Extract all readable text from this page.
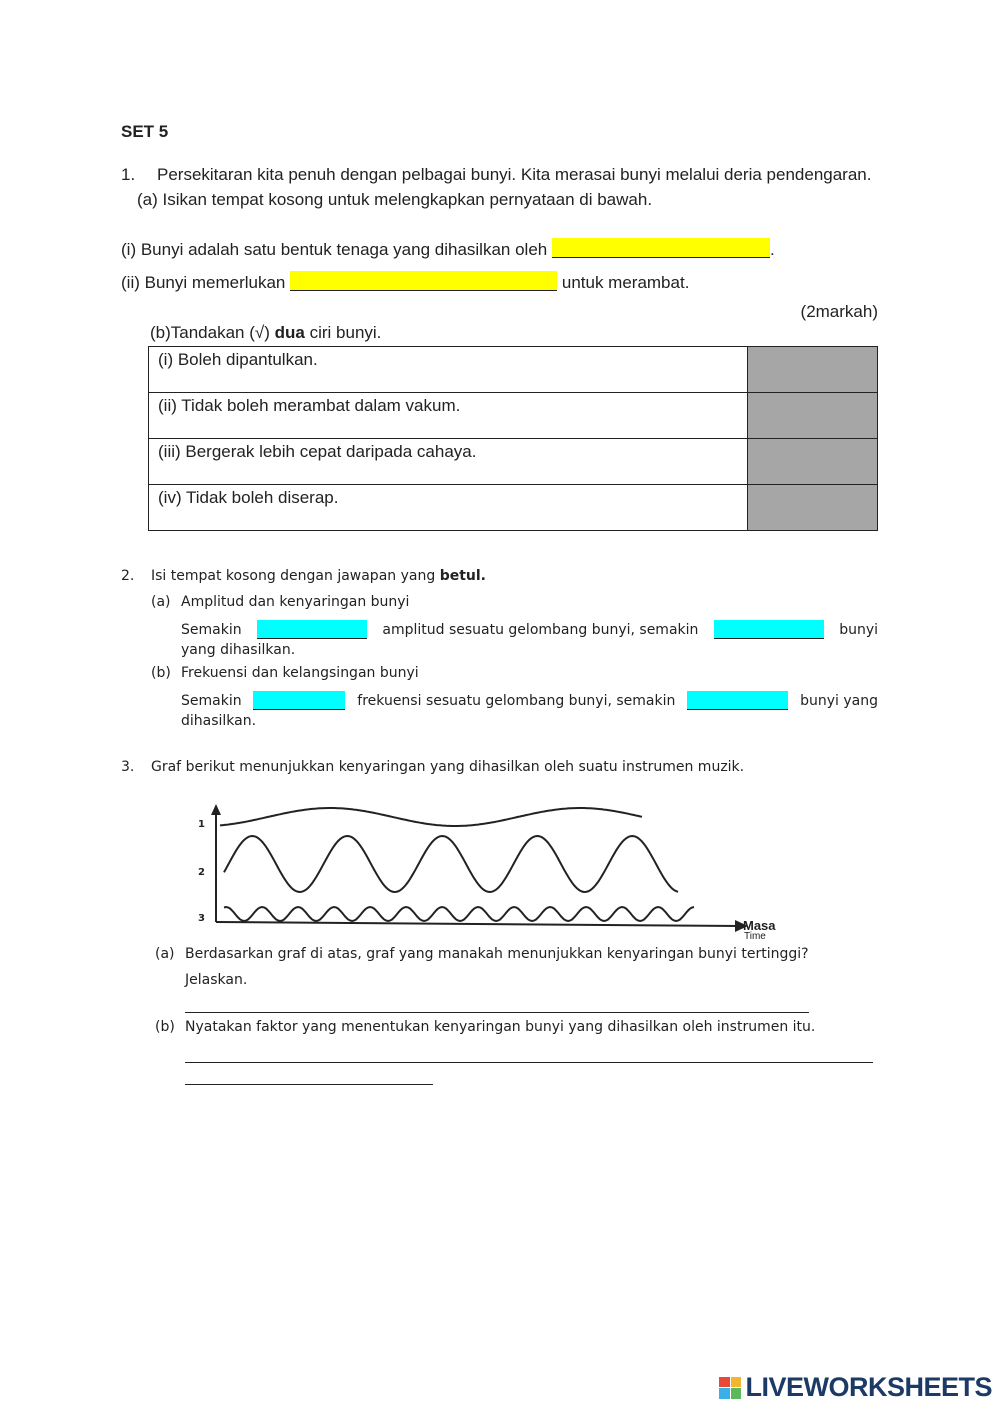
SET 5
1. Persekitaran kita penuh dengan pelbagai bunyi. Kita merasai bunyi melalui deria pendengaran.
(a) Isikan tempat kosong untuk melengkapkan pernyataan di bawah.
(i) Bunyi adalah satu bentuk tenaga yang dihasilkan oleh	.
(ii) Bunyi memerlukan	untuk merambat.
(2markah)
(b)Tandakan (√) dua ciri bunyi.
(i) Boleh dipantulkan.	
(ii) Tidak boleh merambat dalam vakum.	
(iii) Bergerak lebih cepat daripada cahaya.	
(iv) Tidak boleh diserap.	
2. Isi tempat kosong dengan jawapan yang betul.
(a) Amplitud dan kenyaringan bunyi
Semakin	amplitud sesuatu gelombang bunyi, semakin	bunyi
yang dihasilkan.
(b) Frekuensi dan kelangsingan bunyi
Semakin	frekuensi sesuatu gelombang bunyi, semakin	bunyi yang
dihasilkan.
3. Graf berikut menunjukkan kenyaringan yang dihasilkan oleh suatu instrumen muzik.
1
2
3	Masa
Time
(a) Berdasarkan graf di atas, graf yang manakah menunjukkan kenyaringan bunyi tertinggi?
Jelaskan.
(b) Nyatakan faktor yang menentukan kenyaringan bunyi yang dihasilkan oleh instrumen itu.
LIVEWORKSHEETS
